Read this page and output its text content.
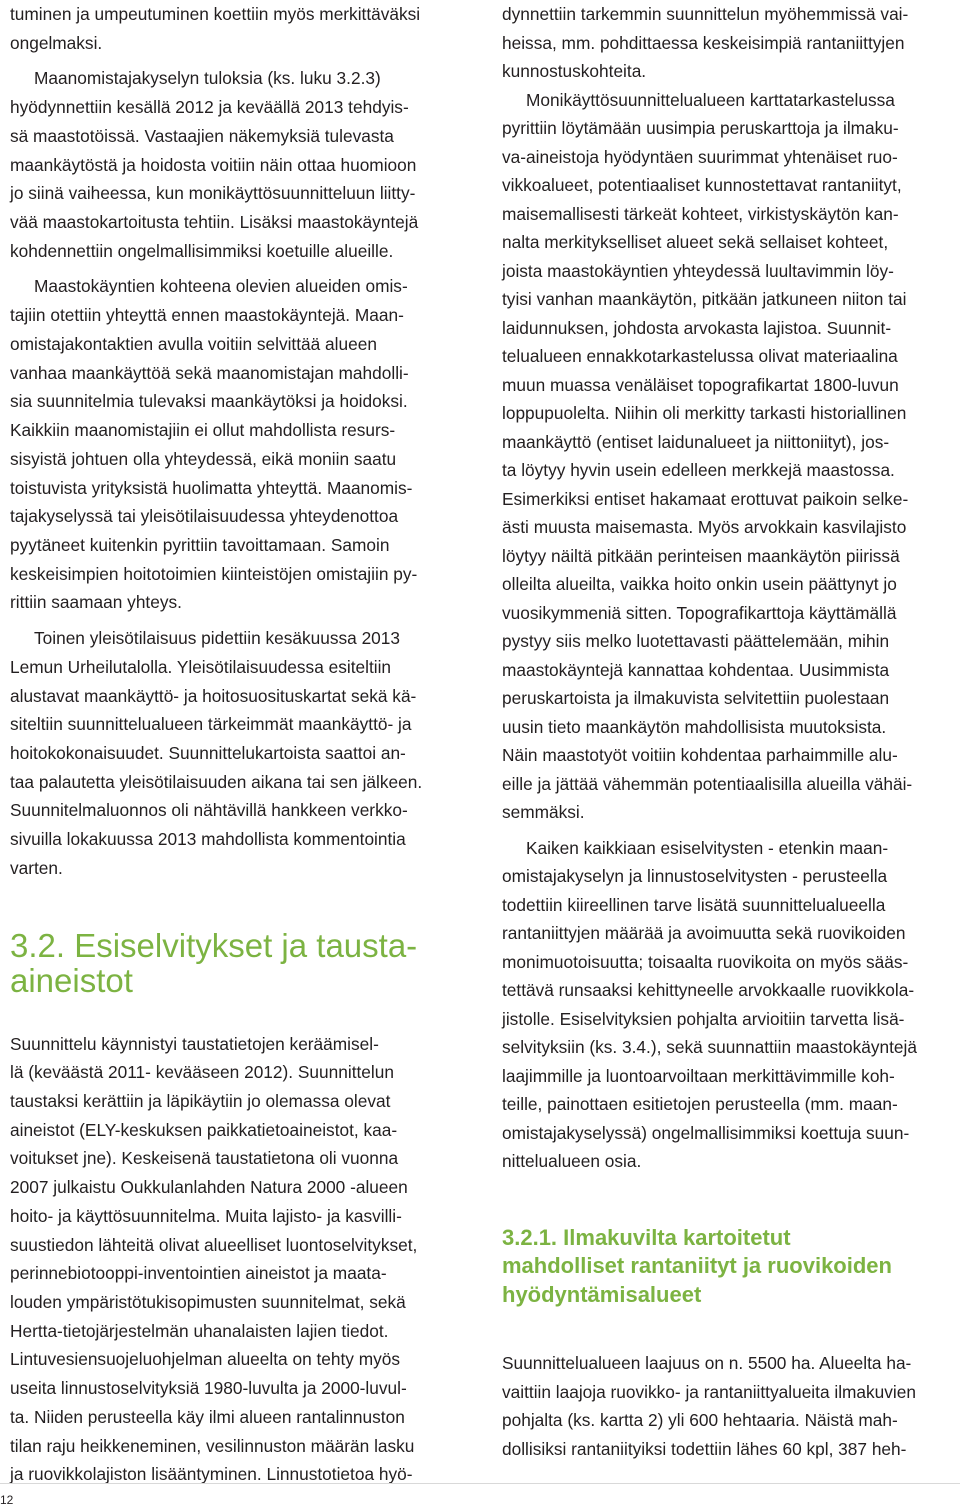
tuminen ja umpeutuminen koettiin myös merkittäväksi
ongelmaksi.
Maanomistajakyselyn tuloksia (ks. luku 3.2.3)
hyödynnettiin kesällä 2012 ja keväällä 2013 tehdyis-
sä maastotöissä. Vastaajien näkemyksiä tulevasta
maankäytöstä ja hoidosta voitiin näin ottaa huomioon
jo siinä vaiheessa, kun monikäyttösuunnitteluun liitty-
vää maastokartoitusta tehtiin. Lisäksi maastokäyntejä
kohdennettiin ongelmallisimmiksi koetuille alueille.
Maastokäyntien kohteena olevien alueiden omis-
tajiin otettiin yhteyttä ennen maastokäyntejä. Maan-
omistajakontaktien avulla voitiin selvittää alueen
vanhaa maankäyttöä sekä maanomistajan mahdolli-
sia suunnitelmia tulevaksi maankäytöksi ja hoidoksi.
Kaikkiin maanomistajiin ei ollut mahdollista resurs-
sisyistä johtuen olla yhteydessä, eikä moniin saatu
toistuvista yrityksistä huolimatta yhteyttä. Maanomis-
tajakyselyssä tai yleisötilaisuudessa yhteydenottoa
pyytäneet kuitenkin pyrittiin tavoittamaan. Samoin
keskeisimpien hoitotoimien kiinteistöjen omistajiin py-
rittiin saamaan yhteys.
Toinen yleisötilaisuus pidettiin kesäkuussa 2013
Lemun Urheilutalolla. Yleisötilaisuudessa esiteltiin
alustavat maankäyttö- ja hoitosuosituskartat sekä kä-
siteltiin suunnittelualueen tärkeimmät maankäyttö- ja
hoitokokonaisuudet. Suunnittelukartoista saattoi an-
taa palautetta yleisötilaisuuden aikana tai sen jälkeen.
Suunnitelmaluonnos oli nähtävillä hankkeen verkko-
sivuilla lokakuussa 2013 mahdollista kommentointia
varten.
3.2. Esiselvitykset ja tausta-
aineistot
Suunnittelu käynnistyi taustatietojen keräämisel-
lä (keväästä 2011- kevääseen 2012). Suunnittelun
taustaksi kerättiin ja läpikäytiin jo olemassa olevat
aineistot (ELY-keskuksen paikkatietoaineistot, kaa-
voitukset jne). Keskeisenä taustatietona oli vuonna
2007 julkaistu Oukkulanlahden Natura 2000 -alueen
hoito- ja käyttösuunnitelma. Muita lajisto- ja kasvilli-
suustiedon lähteitä olivat alueelliset luontoselvitykset,
perinnebiotooppi-inventointien aineistot ja maata-
louden ympäristötukisopimusten suunnitelmat, sekä
Hertta-tietojärjestelmän uhanalaisten lajien tiedot.
Lintuvesiensuojeluohjelman alueelta on tehty myös
useita linnustoselvityksiä 1980-luvulta ja 2000-luvul-
ta. Niiden perusteella käy ilmi alueen rantalinnuston
tilan raju heikkeneminen, vesilinnuston määrän lasku
ja ruovikkolajiston lisääntyminen. Linnustotietoa hyö-
dynnettiin tarkemmin suunnittelun myöhemmissä vai-
heissa, mm. pohdittaessa keskeisimpiä rantaniittyjen
kunnostuskohteita.
Monikäyttösuunnittelualueen karttatarkastelussa
pyrittiin löytämään uusimpia peruskarttoja ja ilmaku-
va-aineistoja hyödyntäen suurimmat yhtenäiset ruo-
vikkoalueet, potentiaaliset kunnostettavat rantaniityt,
maisemallisesti tärkeät kohteet, virkistyskäytön kan-
nalta merkitykselliset alueet sekä sellaiset kohteet,
joista maastokäyntien yhteydessä luultavimmin löy-
tyisi vanhan maankäytön, pitkään jatkuneen niiton tai
laidunnuksen, johdosta arvokasta lajistoa. Suunnit-
telualueen ennakkotarkastelussa olivat materiaalina
muun muassa venäläiset topografikartat 1800-luvun
loppupuolelta. Niihin oli merkitty tarkasti historiallinen
maankäyttö (entiset laidunalueet ja niittoniityt), jos-
ta löytyy hyvin usein edelleen merkkejä maastossa.
Esimerkiksi entiset hakamaat erottuvat paikoin selke-
ästi muusta maisemasta. Myös arvokkain kasvilajisto
löytyy näiltä pitkään perinteisen maankäytön piirissä
olleilta alueilta, vaikka hoito onkin usein päättynyt jo
vuosikymmeniä sitten. Topografikarttoja käyttämällä
pystyy siis melko luotettavasti päättelemään, mihin
maastokäyntejä kannattaa kohdentaa. Uusimmista
peruskartoista ja ilmakuvista selvitettiin puolestaan
uusin tieto maankäytön mahdollisista muutoksista.
Näin maastotyöt voitiin kohdentaa parhaimmille alu-
eille ja jättää vähemmän potentiaalisilla alueilla vähäi-
semmäksi.
Kaiken kaikkiaan esiselvitysten - etenkin maan-
omistajakyselyn ja linnustoselvitysten - perusteella
todettiin kiireellinen tarve lisätä suunnittelualueella
rantaniittyjen määrää ja avoimuutta sekä ruovikoiden
monimuotoisuutta; toisaalta ruovikoita on myös sääs-
tettävä runsaaksi kehittyneelle arvokkaalle ruovikkola-
jistolle. Esiselvityksien pohjalta arvioitiin tarvetta lisä-
selvityksiin (ks. 3.4.), sekä suunnattiin maastokäyntejä
laajimmille ja luontoarvoiltaan merkittävimmille koh-
teille, painottaen esitietojen perusteella (mm. maan-
omistajakyselyssä) ongelmallisimmiksi koettuja suun-
nittelualueen osia.
3.2.1. Ilmakuvilta kartoitetut
mahdolliset rantaniityt ja ruovikoiden
hyödyntämisalueet
Suunnittelualueen laajuus on n. 5500 ha. Alueelta ha-
vaittiin laajoja ruovikko- ja rantaniittyalueita ilmakuvien
pohjalta (ks. kartta 2) yli 600 hehtaaria. Näistä mah-
dollisiksi rantaniityiksi todettiin lähes 60 kpl, 387 heh-
12
